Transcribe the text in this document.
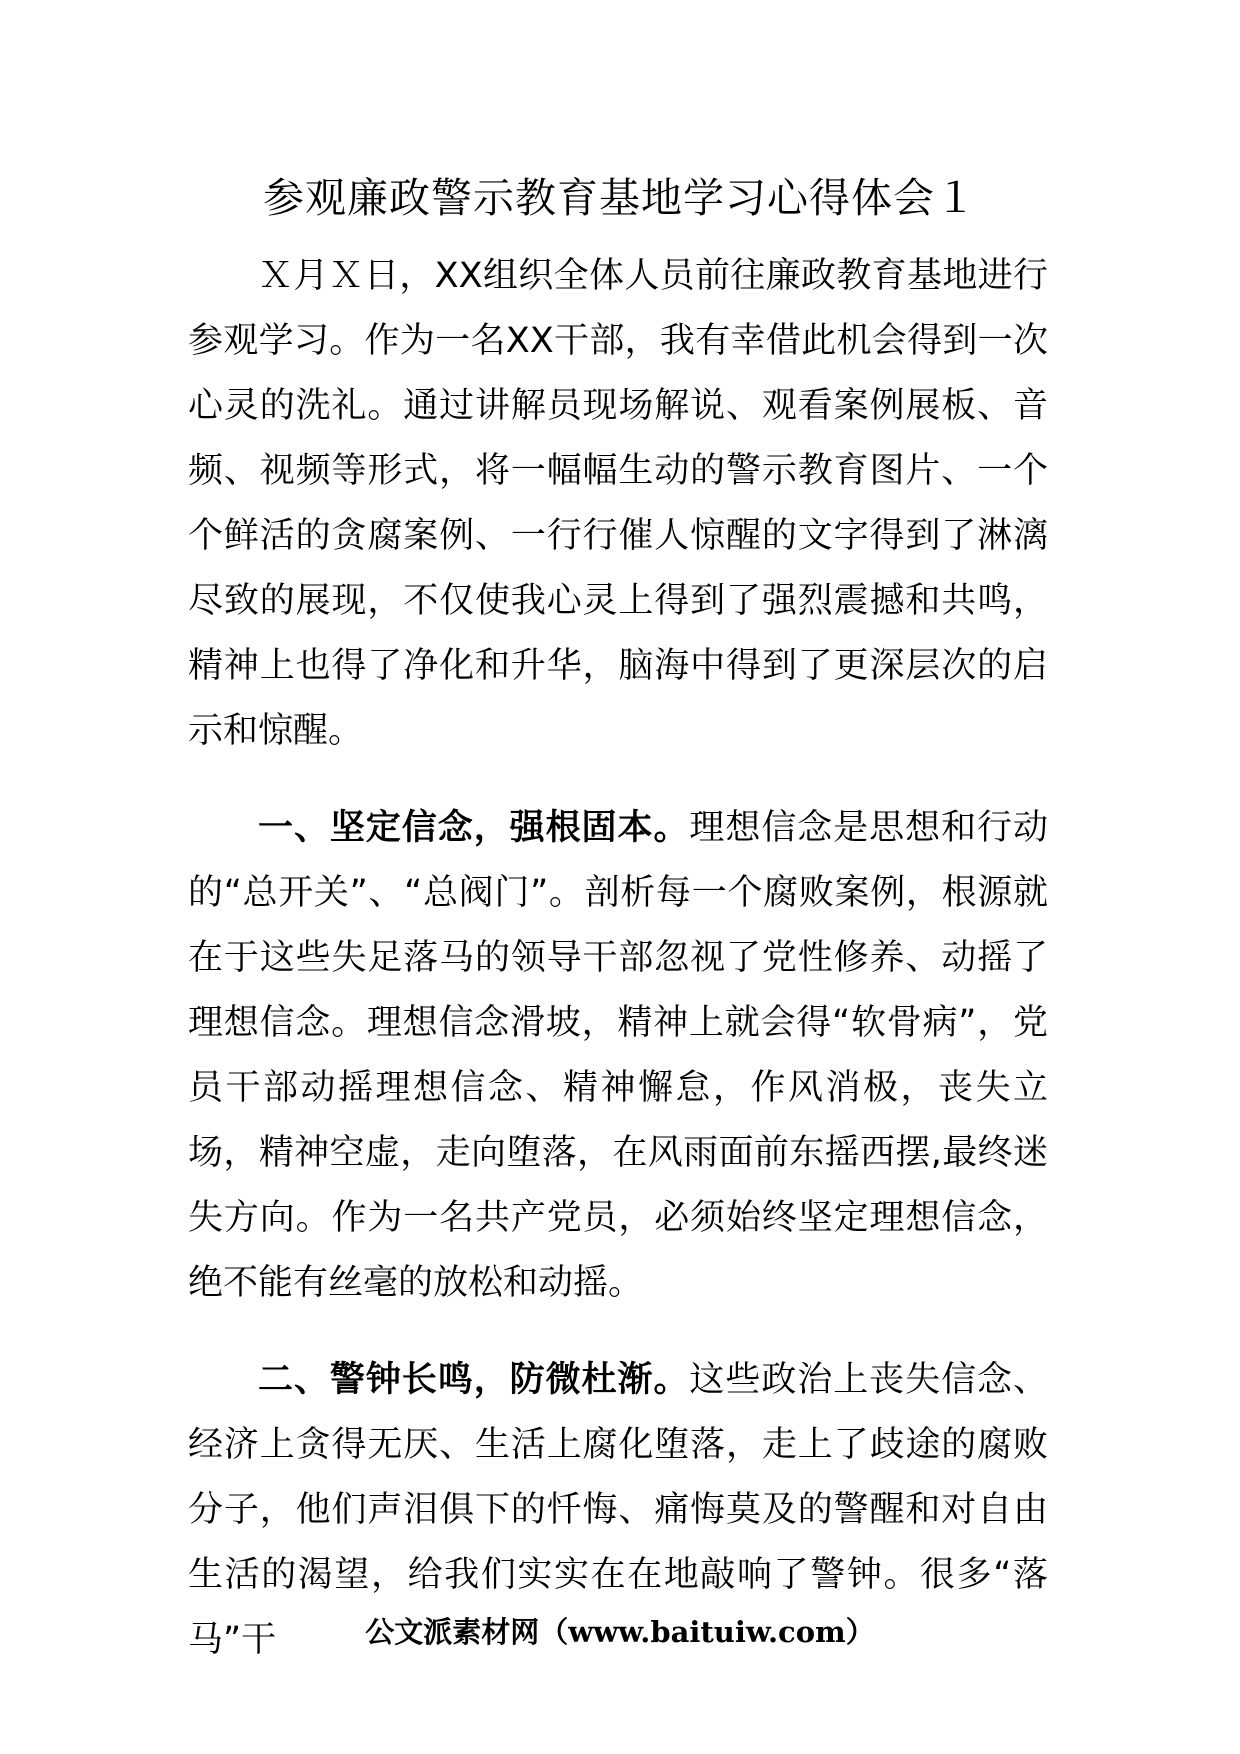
参观廉政警示教育基地学习心得体会１

Ｘ月Ｘ日，XX组织全体人员前往廉政教育基地进行参观学习。作为一名XX干部，我有幸借此机会得到一次心灵的洗礼。通过讲解员现场解说、观看案例展板、音频、视频等形式，将一幅幅生动的警示教育图片、一个个鲜活的贪腐案例、一行行催人惊醒的文字得到了淋漓尽致的展现，不仅使我心灵上得到了强烈震撼和共鸣，精神上也得了净化和升华，脑海中得到了更深层次的启示和惊醒。

一、坚定信念，强根固本。理想信念是思想和行动的“总开关”、“总阀门”。剖析每一个腐败案例，根源就在于这些失足落马的领导干部忽视了党性修养、动摇了理想信念。理想信念滑坡，精神上就会得“软骨病”，党员干部动摇理想信念、精神懈怠，作风消极，丧失立场，精神空虚，走向堕落，在风雨面前东摇西摆,最终迷失方向。作为一名共产党员，必须始终坚定理想信念，绝不能有丝毫的放松和动摇。

二、警钟长鸣，防微杜渐。这些政治上丧失信念、经济上贪得无厌、生活上腐化堕落，走上了歧途的腐败分子，他们声泪俱下的忏悔、痛悔莫及的警醒和对自由生活的渴望，给我们实实在在地敲响了警钟。很多“落马”干	公文派素材网（www.baituiw.com）
